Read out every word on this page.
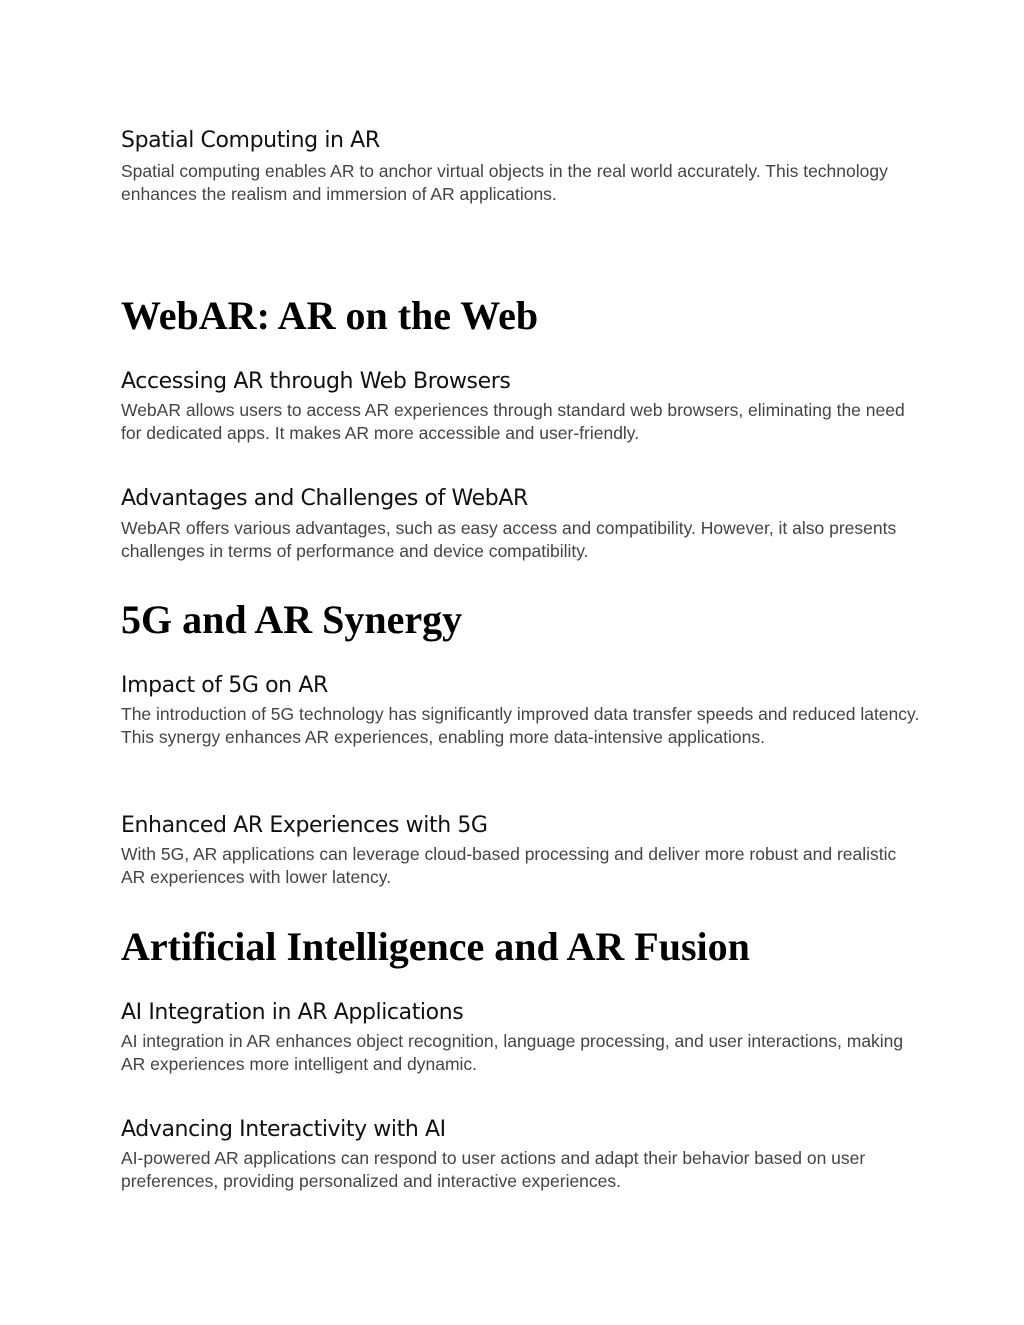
Spatial Computing in AR

Spatial computing enables AR to anchor virtual objects in the real world accurately. This technology enhances the realism and immersion of AR applications.

WebAR: AR on the Web
Accessing AR through Web Browsers

WebAR allows users to access AR experiences through standard web browsers, eliminating the need for dedicated apps. It makes AR more accessible and user-friendly.

Advantages and Challenges of WebAR

WebAR offers various advantages, such as easy access and compatibility. However, it also presents challenges in terms of performance and device compatibility.

5G and AR Synergy
Impact of 5G on AR

The introduction of 5G technology has significantly improved data transfer speeds and reduced latency. This synergy enhances AR experiences, enabling more data-intensive applications.

Enhanced AR Experiences with 5G

With 5G, AR applications can leverage cloud-based processing and deliver more robust and realistic AR experiences with lower latency.

Artificial Intelligence and AR Fusion
AI Integration in AR Applications

AI integration in AR enhances object recognition, language processing, and user interactions, making AR experiences more intelligent and dynamic.

Advancing Interactivity with AI

AI-powered AR applications can respond to user actions and adapt their behavior based on user preferences, providing personalized and interactive experiences.
